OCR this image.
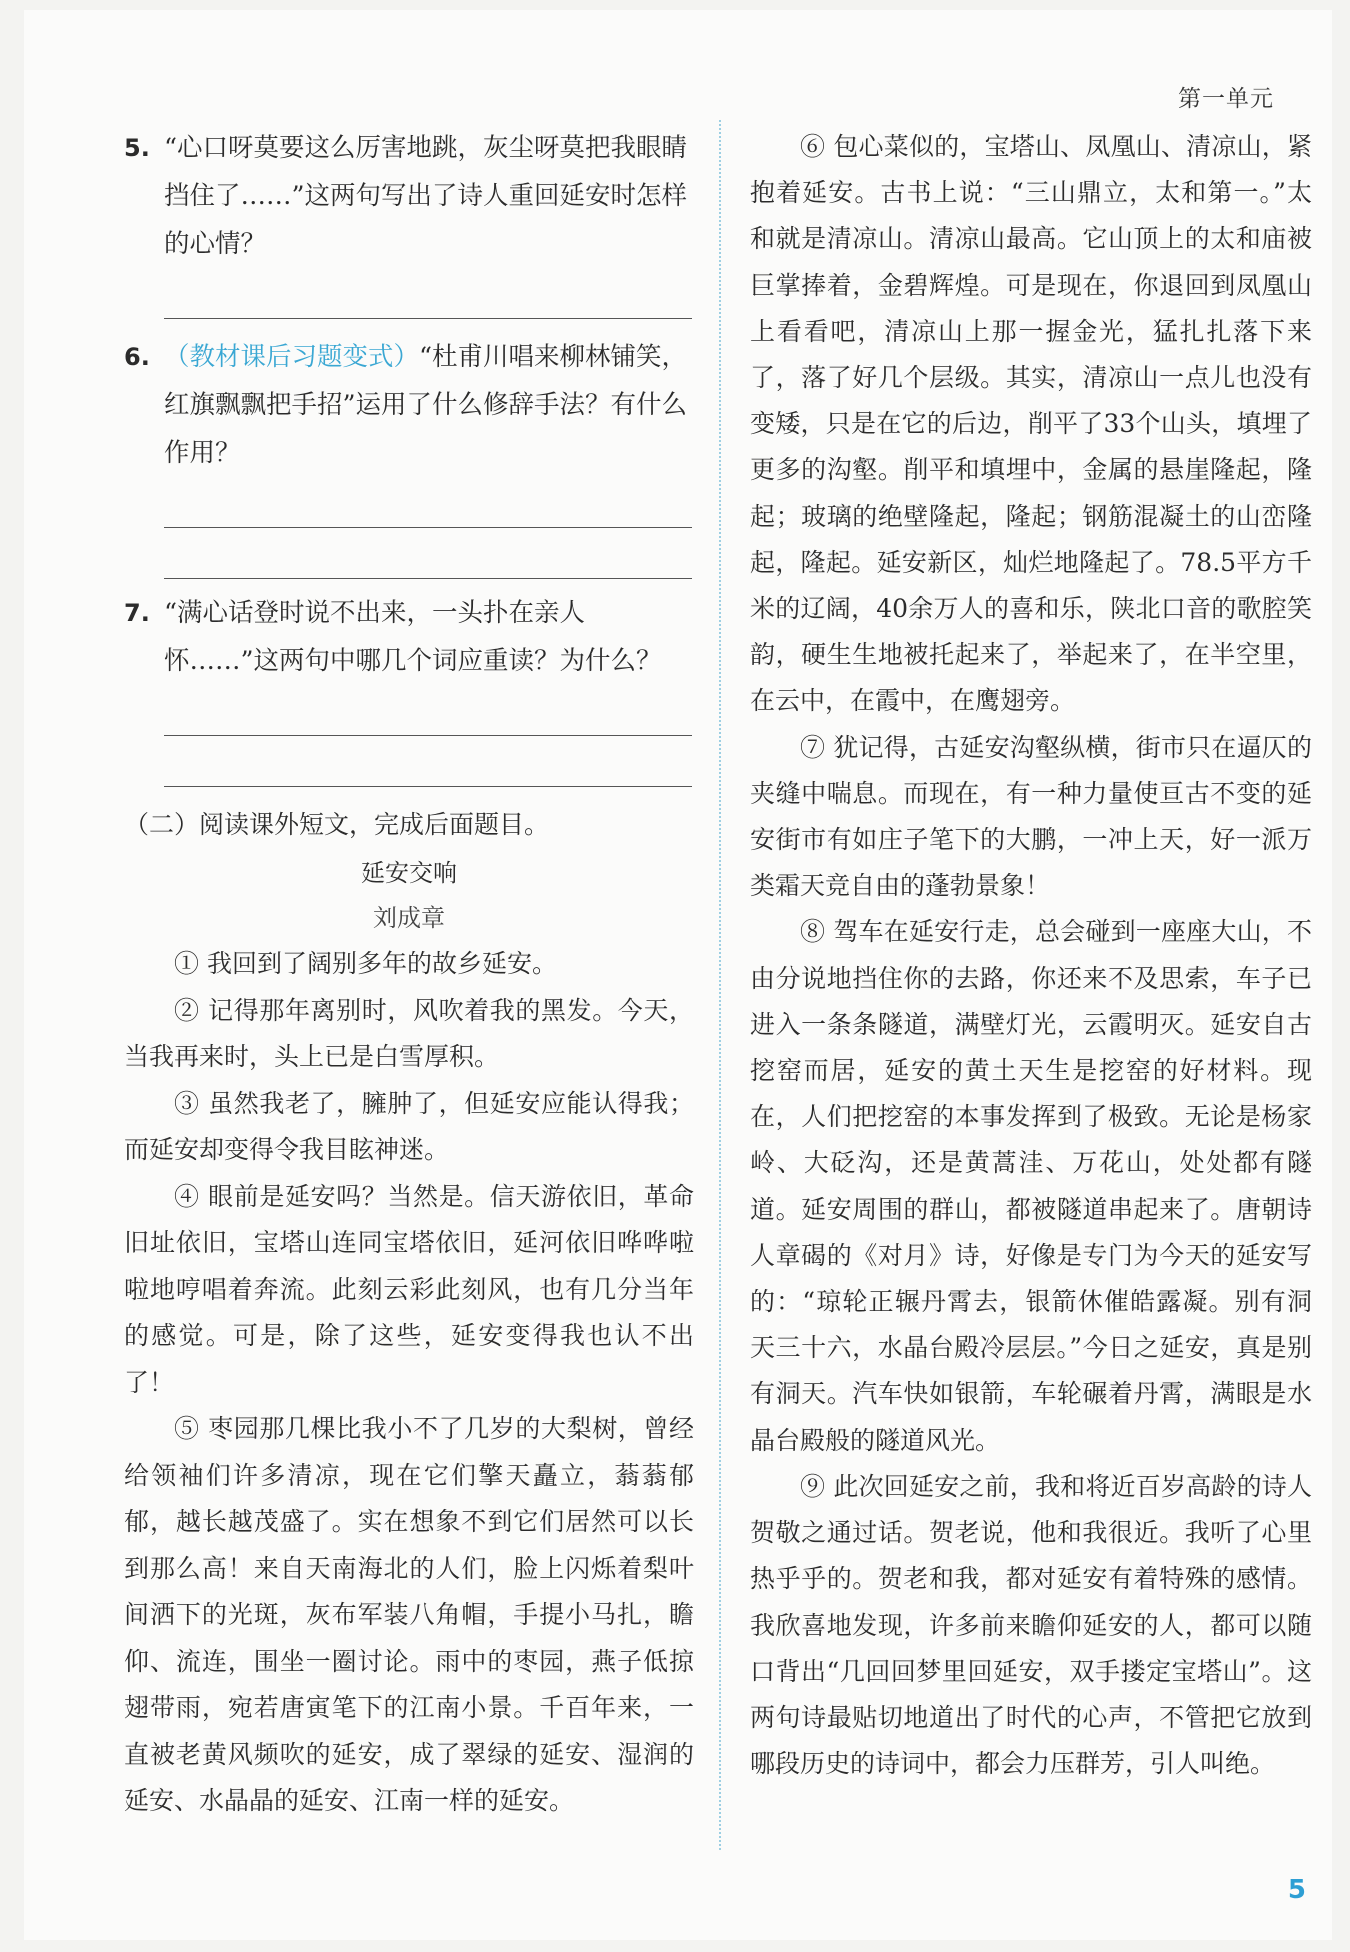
第一单元
5. “心口呀莫要这么厉害地跳，灰尘呀莫把我眼睛挡住了……”这两句写出了诗人重回延安时怎样的心情？
6. （教材课后习题变式）“杜甫川唱来柳林铺笑，红旗飘飘把手招”运用了什么修辞手法？有什么作用？
7. “满心话登时说不出来，一头扑在亲人怀……”这两句中哪几个词应重读？为什么？
（二）阅读课外短文，完成后面题目。
延安交响
刘成章

① 我回到了阔别多年的故乡延安。

② 记得那年离别时，风吹着我的黑发。今天，当我再来时，头上已是白雪厚积。

③ 虽然我老了，臃肿了，但延安应能认得我；而延安却变得令我目眩神迷。

④ 眼前是延安吗？当然是。信天游依旧，革命旧址依旧，宝塔山连同宝塔依旧，延河依旧哗哗啦啦地哼唱着奔流。此刻云彩此刻风，也有几分当年的感觉。可是，除了这些，延安变得我也认不出了！

⑤ 枣园那几棵比我小不了几岁的大梨树，曾经给领袖们许多清凉，现在它们擎天矗立，蓊蓊郁郁，越长越茂盛了。实在想象不到它们居然可以长到那么高！来自天南海北的人们，脸上闪烁着梨叶间洒下的光斑，灰布军装八角帽，手提小马扎，瞻仰、流连，围坐一圈讨论。雨中的枣园，燕子低掠翅带雨，宛若唐寅笔下的江南小景。千百年来，一直被老黄风频吹的延安，成了翠绿的延安、湿润的延安、水晶晶的延安、江南一样的延安。

⑥ 包心菜似的，宝塔山、凤凰山、清凉山，紧抱着延安。古书上说：“三山鼎立，太和第一。”太和就是清凉山。清凉山最高。它山顶上的太和庙被巨掌捧着，金碧辉煌。可是现在，你退回到凤凰山上看看吧，清凉山上那一握金光，猛扎扎落下来了，落了好几个层级。其实，清凉山一点儿也没有变矮，只是在它的后边，削平了33个山头，填埋了更多的沟壑。削平和填埋中，金属的悬崖隆起，隆起；玻璃的绝壁隆起，隆起；钢筋混凝土的山峦隆起，隆起。延安新区，灿烂地隆起了。78.5平方千米的辽阔，40余万人的喜和乐，陕北口音的歌腔笑韵，硬生生地被托起来了，举起来了，在半空里，在云中，在霞中，在鹰翅旁。

⑦ 犹记得，古延安沟壑纵横，街市只在逼仄的夹缝中喘息。而现在，有一种力量使亘古不变的延安街市有如庄子笔下的大鹏，一冲上天，好一派万类霜天竞自由的蓬勃景象！

⑧ 驾车在延安行走，总会碰到一座座大山，不由分说地挡住你的去路，你还来不及思索，车子已进入一条条隧道，满壁灯光，云霞明灭。延安自古挖窑而居，延安的黄土天生是挖窑的好材料。现在，人们把挖窑的本事发挥到了极致。无论是杨家岭、大砭沟，还是黄蒿洼、万花山，处处都有隧道。延安周围的群山，都被隧道串起来了。唐朝诗人章碣的《对月》诗，好像是专门为今天的延安写的：“琼轮正辗丹霄去，银箭休催皓露凝。别有洞天三十六，水晶台殿冷层层。”今日之延安，真是别有洞天。汽车快如银箭，车轮碾着丹霄，满眼是水晶台殿般的隧道风光。

⑨ 此次回延安之前，我和将近百岁高龄的诗人贺敬之通过话。贺老说，他和我很近。我听了心里热乎乎的。贺老和我，都对延安有着特殊的感情。我欣喜地发现，许多前来瞻仰延安的人，都可以随口背出“几回回梦里回延安，双手搂定宝塔山”。这两句诗最贴切地道出了时代的心声，不管把它放到哪段历史的诗词中，都会力压群芳，引人叫绝。

5
